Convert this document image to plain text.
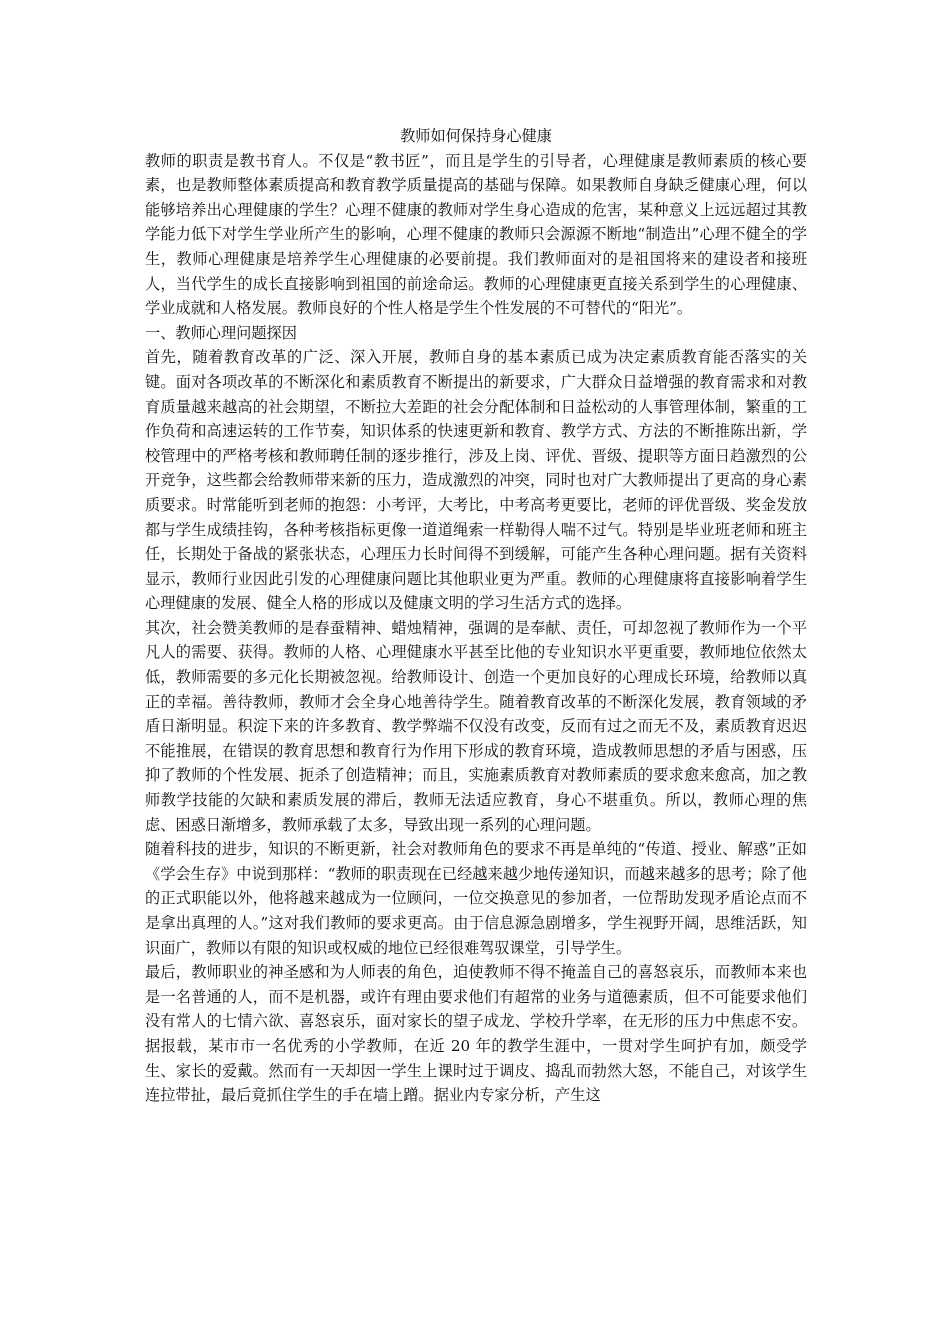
教师如何保持身心健康

教师的职责是教书育人。不仅是“教书匠”，而且是学生的引导者，心理健康是教师素质的核心要素，也是教师整体素质提高和教育教学质量提高的基础与保障。如果教师自身缺乏健康心理，何以能够培养出心理健康的学生？心理不健康的教师对学生身心造成的危害，某种意义上远远超过其教学能力低下对学生学业所产生的影响，心理不健康的教师只会源源不断地“制造出”心理不健全的学生，教师心理健康是培养学生心理健康的必要前提。我们教师面对的是祖国将来的建设者和接班人，当代学生的成长直接影响到祖国的前途命运。教师的心理健康更直接关系到学生的心理健康、学业成就和人格发展。教师良好的个性人格是学生个性发展的不可替代的“阳光”。

一、教师心理问题探因

首先，随着教育改革的广泛、深入开展，教师自身的基本素质已成为决定素质教育能否落实的关键。面对各项改革的不断深化和素质教育不断提出的新要求，广大群众日益增强的教育需求和对教育质量越来越高的社会期望，不断拉大差距的社会分配体制和日益松动的人事管理体制，繁重的工作负荷和高速运转的工作节奏，知识体系的快速更新和教育、教学方式、方法的不断推陈出新，学校管理中的严格考核和教师聘任制的逐步推行，涉及上岗、评优、晋级、提职等方面日趋激烈的公开竞争，这些都会给教师带来新的压力，造成激烈的冲突，同时也对广大教师提出了更高的身心素质要求。时常能听到老师的抱怨：小考评，大考比，中考高考更要比，老师的评优晋级、奖金发放都与学生成绩挂钩，各种考核指标更像一道道绳索一样勒得人喘不过气。特别是毕业班老师和班主任，长期处于备战的紧张状态，心理压力长时间得不到缓解，可能产生各种心理问题。据有关资料显示，教师行业因此引发的心理健康问题比其他职业更为严重。教师的心理健康将直接影响着学生心理健康的发展、健全人格的形成以及健康文明的学习生活方式的选择。

其次，社会赞美教师的是春蚕精神、蜡烛精神，强调的是奉献、责任，可却忽视了教师作为一个平凡人的需要、获得。教师的人格、心理健康水平甚至比他的专业知识水平更重要，教师地位依然太低，教师需要的多元化长期被忽视。给教师设计、创造一个更加良好的心理成长环境，给教师以真正的幸福。善待教师，教师才会全身心地善待学生。随着教育改革的不断深化发展，教育领域的矛盾日渐明显。积淀下来的许多教育、教学弊端不仅没有改变，反而有过之而无不及，素质教育迟迟不能推展，在错误的教育思想和教育行为作用下形成的教育环境，造成教师思想的矛盾与困惑，压抑了教师的个性发展、扼杀了创造精神；而且，实施素质教育对教师素质的要求愈来愈高，加之教师教学技能的欠缺和素质发展的滞后，教师无法适应教育，身心不堪重负。所以，教师心理的焦虑、困惑日渐增多，教师承载了太多，导致出现一系列的心理问题。

随着科技的进步，知识的不断更新，社会对教师角色的要求不再是单纯的“传道、授业、解惑”正如《学会生存》中说到那样：“教师的职责现在已经越来越少地传递知识，而越来越多的思考；除了他的正式职能以外，他将越来越成为一位顾问，一位交换意见的参加者，一位帮助发现矛盾论点而不是拿出真理的人。”这对我们教师的要求更高。由于信息源急剧增多，学生视野开阔，思维活跃，知识面广，教师以有限的知识或权威的地位已经很难驾驭课堂，引导学生。

最后，教师职业的神圣感和为人师表的角色，迫使教师不得不掩盖自己的喜怒哀乐，而教师本来也是一名普通的人，而不是机器，或许有理由要求他们有超常的业务与道德素质，但不可能要求他们没有常人的七情六欲、喜怒哀乐，面对家长的望子成龙、学校升学率，在无形的压力中焦虑不安。据报载，某市市一名优秀的小学教师，在近 20 年的教学生涯中，一贯对学生呵护有加，颇受学生、家长的爱戴。然而有一天却因一学生上课时过于调皮、捣乱而勃然大怒，不能自己，对该学生连拉带扯，最后竟抓住学生的手在墙上蹭。据业内专家分析，产生这
